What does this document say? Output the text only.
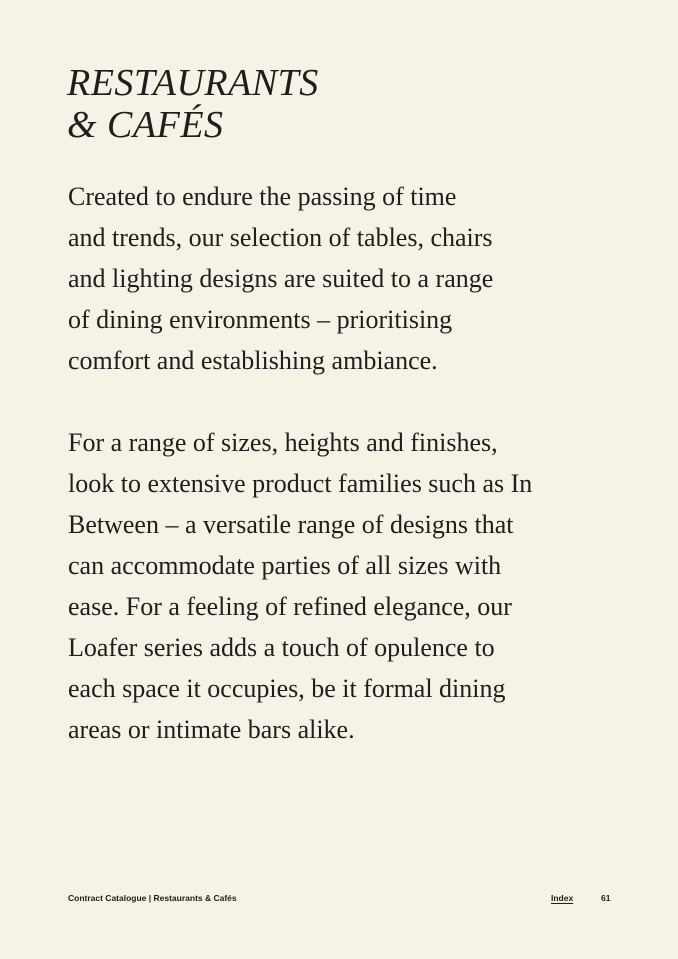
RESTAURANTS
& CAFÉS

Created to endure the passing of time
and trends, our selection of tables, chairs
and lighting designs are suited to a range
of dining environments – prioritising
comfort and establishing ambiance.

For a range of sizes, heights and finishes,
look to extensive product families such as In
Between – a versatile range of designs that
can accommodate parties of all sizes with
ease. For a feeling of refined elegance, our
Loafer series adds a touch of opulence to
each space it occupies, be it formal dining
areas or intimate bars alike.

Contract Catalogue | Restaurants & Cafés	Index	61
